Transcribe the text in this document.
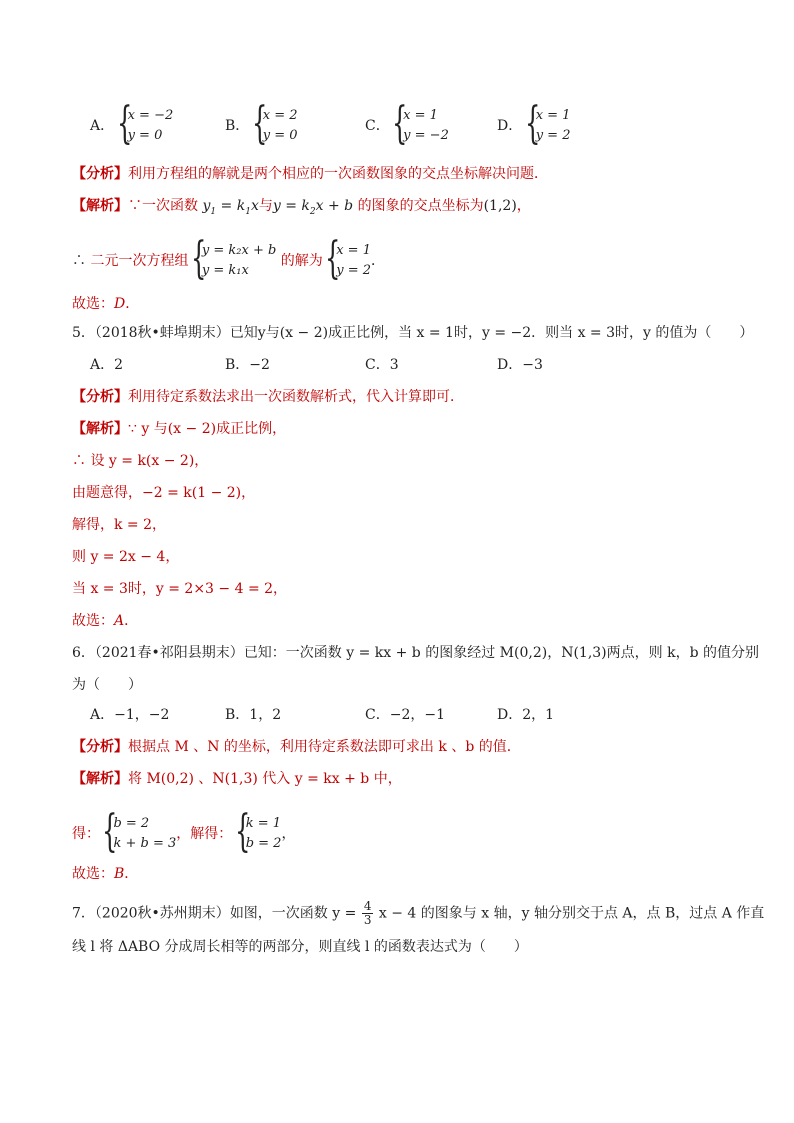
A．
{ x = −2
y = 0
B．
{ x = 2
y = 0
C．
{ x = 1
y = −2
D．
{ x = 1
y = 2
【分析】利用方程组的解就是两个相应的一次函数图象的交点坐标解决问题．
【解析】∵一次函数 $y_1 = k_1x$与$y = k_2x + b$ 的图象的交点坐标为(1,2)，
∴ 二元一次方程组
{ y = k₂x + b
y = k₁x
的解为
{ x = 1
y = 2
．
故选：D．
5．（2018秋•蚌埠期末）已知y与(x − 2)成正比例，当 x = 1时，y = −2．则当 x = 3时，y 的值为（　　）
A．2	B．−2	C．3	D．−3
【分析】利用待定系数法求出一次函数解析式，代入计算即可．
【解析】∵ y 与(x − 2)成正比例，
∴ 设 y = k(x − 2)，
由题意得，−2 = k(1 − 2)，
解得，k = 2，
则 y = 2x − 4，
当 x = 3时，y = 2×3 − 4 = 2，
故选：A．
6．（2021春•祁阳县期末）已知：一次函数 y = kx + b 的图象经过 M(0,2)，N(1,3)两点，则 k，b 的值分别
为（　　）
A．−1，−2	B．1，2	C．−2，−1	D．2，1
【分析】根据点 M 、N 的坐标，利用待定系数法即可求出 k 、b 的值．
【解析】将 M(0,2) 、N(1,3) 代入 y = kx + b 中，
得：
{ b = 2
k + b = 3
，解得：
{ k = 1
b = 2
，
故选：B．
7．（2020秋•苏州期末）如图，一次函数 $y = \frac{4}{3}$ x − 4 的图象与 x 轴，y 轴分别交于点 A，点 B，过点 A 作直
线 l 将 ΔABO 分成周长相等的两部分，则直线 l 的函数表达式为（　　）
